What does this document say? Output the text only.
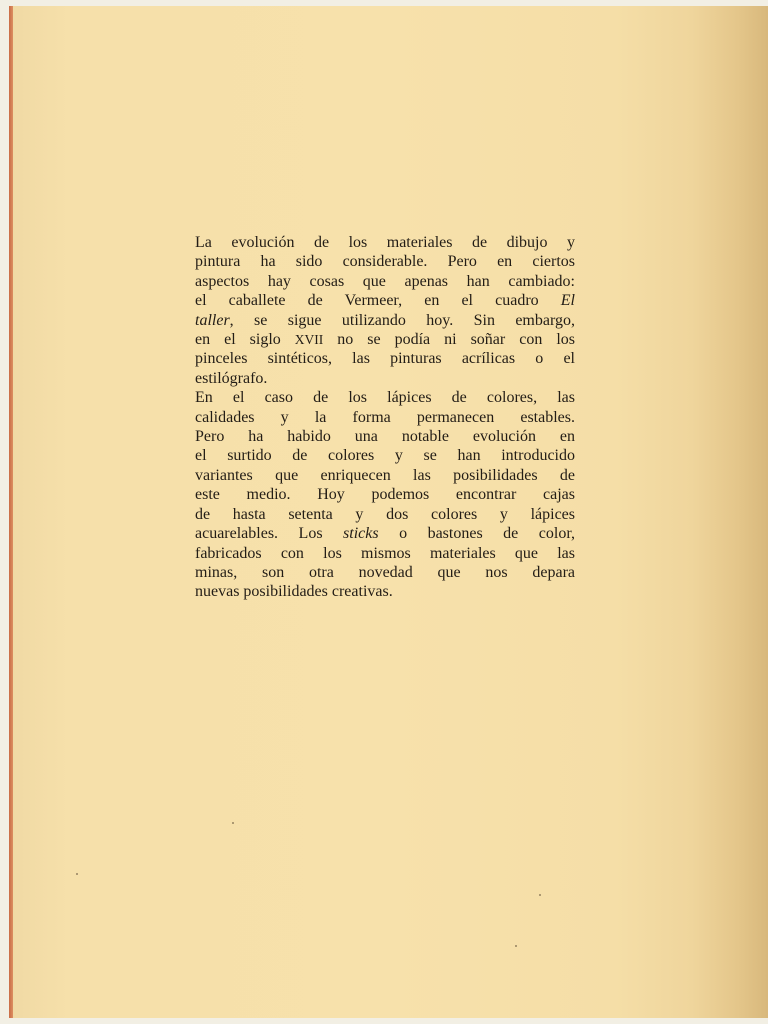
La evolución de los materiales de dibujo y
pintura ha sido considerable. Pero en ciertos
aspectos hay cosas que apenas han cambiado:
el caballete de Vermeer, en el cuadro El
taller, se sigue utilizando hoy. Sin embargo,
en el siglo XVII no se podía ni soñar con los
pinceles sintéticos, las pinturas acrílicas o el
estilógrafo.
En el caso de los lápices de colores, las
calidades y la forma permanecen estables.
Pero ha habido una notable evolución en
el surtido de colores y se han introducido
variantes que enriquecen las posibilidades de
este medio. Hoy podemos encontrar cajas
de hasta setenta y dos colores y lápices
acuarelables. Los sticks o bastones de color,
fabricados con los mismos materiales que las
minas, son otra novedad que nos depara
nuevas posibilidades creativas.
